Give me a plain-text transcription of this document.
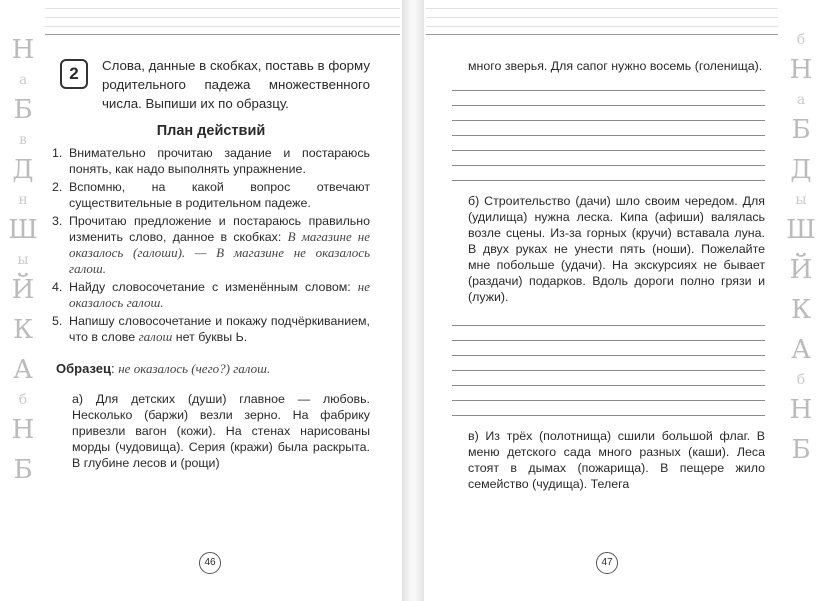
Н
а
Б
в
Д
н
Ш
ы
Й
К
А
б
Н
Б
2	Слова, данные в скобках, поставь в форму родительного падежа множественного числа. Выпиши их по образцу.
План действий
1. Внимательно прочитаю задание и постараюсь понять, как надо выполнять упражнение.
2. Вспомню, на какой вопрос отвечают существительные в родительном падеже.
3. Прочитаю предложение и постараюсь правильно изменить слово, данное в скобках: В магазине не оказалось (галоши). — В магазине не оказалось галош.
4. Найду словосочетание с изменённым словом: не оказалось галош.
5. Напишу словосочетание и покажу подчёркиванием, что в слове галош нет буквы Ь.
Образец: не оказалось (чего?) галош.
а) Для детских (души) главное — любовь. Несколько (баржи) везли зерно. На фабрику привезли вагон (кожи). На стенах нарисованы морды (чудовища). Серия (кражи) была раскрыта. В глубине лесов и (рощи)
46
б
Н
а
Б
Д
ы
Ш
Й
К
А
б
Н
Б
много зверья. Для сапог нужно восемь (голенища).
б) Строительство (дачи) шло своим чередом. Для (удилища) нужна леска. Кипа (афиши) валялась возле сцены. Из-за горных (кручи) вставала луна. В двух руках не унести пять (ноши). Пожелайте мне побольше (удачи). На экскурсиях не бывает (раздачи) подарков. Вдоль дороги полно грязи и (лужи).
в) Из трёх (полотнища) сшили большой флаг. В меню детского сада много разных (каши). Леса стоят в дымах (пожарища). В пещере жило семейство (чудища). Телега
47
